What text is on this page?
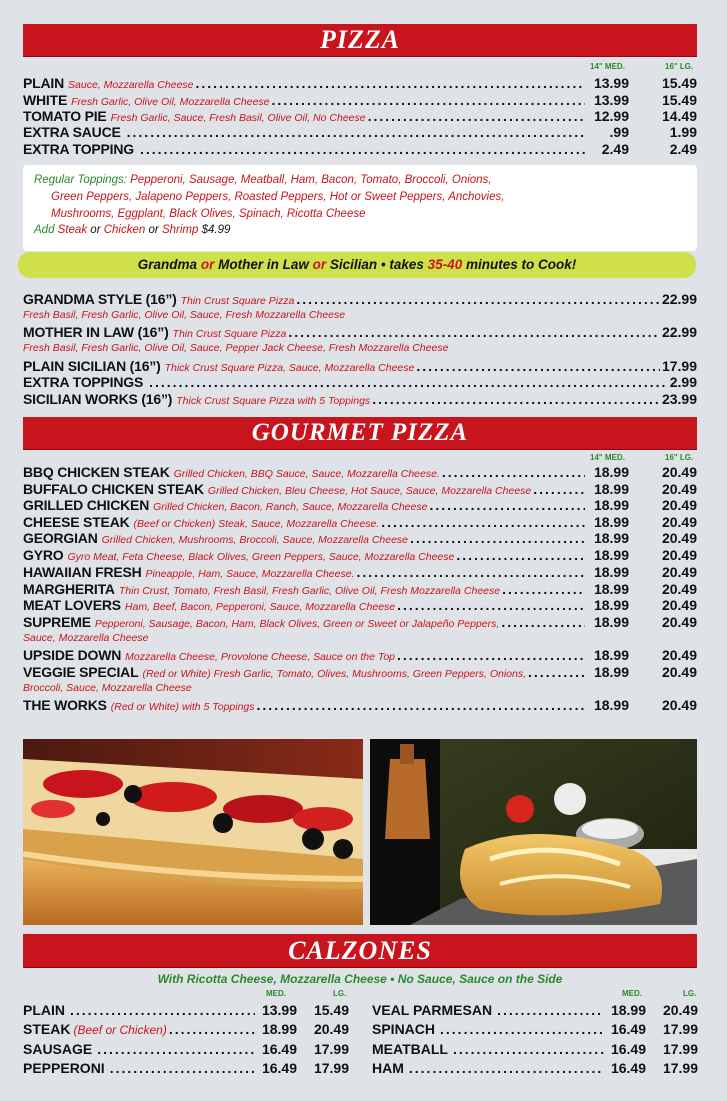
PIZZA
14" MED.	16" LG.
PLAIN Sauce, Mozzarella Cheese .....	13.99	15.49
WHITE Fresh Garlic, Olive Oil, Mozzarella Cheese .....	13.99	15.49
TOMATO PIE Fresh Garlic, Sauce, Fresh Basil, Olive Oil, No Cheese .....	12.99	14.49
EXTRA SAUCE .....	.99	1.99
EXTRA TOPPING .....	2.49	2.49
Regular Toppings: Pepperoni, Sausage, Meatball, Ham, Bacon, Tomato, Broccoli, Onions,
Green Peppers, Jalapeno Peppers, Roasted Peppers, Hot or Sweet Peppers, Anchovies,
Mushrooms, Eggplant, Black Olives, Spinach, Ricotta Cheese
Add Steak or Chicken or Shrimp $4.99
Grandma or Mother in Law or Sicilian • takes 35-40 minutes to Cook!
GRANDMA STYLE (16”) Thin Crust Square Pizza .....	22.99
Fresh Basil, Fresh Garlic, Olive Oil, Sauce, Fresh Mozzarella Cheese
MOTHER IN LAW (16”) Thin Crust Square Pizza .....	22.99
Fresh Basil, Fresh Garlic, Olive Oil, Sauce, Pepper Jack Cheese, Fresh Mozzarella Cheese
PLAIN SICILIAN (16”) Thick Crust Square Pizza, Sauce, Mozzarella Cheese .....	17.99
EXTRA TOPPINGS .....	2.99
SICILIAN WORKS (16”) Thick Crust Square Pizza with 5 Toppings .....	23.99
GOURMET PIZZA
14" MED.	16" LG.
BBQ CHICKEN STEAK Grilled Chicken, BBQ Sauce, Sauce, Mozzarella Cheese. .....	18.99	20.49
BUFFALO CHICKEN STEAK Grilled Chicken, Bleu Cheese, Hot Sauce, Sauce, Mozzarella Cheese .....	18.99	20.49
GRILLED CHICKEN Grilled Chicken, Bacon, Ranch, Sauce, Mozzarella Cheese .....	18.99	20.49
CHEESE STEAK (Beef or Chicken) Steak, Sauce, Mozzarella Cheese. .....	18.99	20.49
GEORGIAN Grilled Chicken, Mushrooms, Broccoli, Sauce, Mozzarella Cheese .....	18.99	20.49
GYRO Gyro Meat, Feta Cheese, Black Olives, Green Peppers, Sauce, Mozzarella Cheese .....	18.99	20.49
HAWAIIAN FRESH Pineapple, Ham, Sauce, Mozzarella Cheese. .....	18.99	20.49
MARGHERITA Thin Crust, Tomato, Fresh Basil, Fresh Garlic, Olive Oil, Fresh Mozzarella Cheese .....	18.99	20.49
MEAT LOVERS Ham, Beef, Bacon, Pepperoni, Sauce, Mozzarella Cheese .....	18.99	20.49
SUPREME Pepperoni, Sausage, Bacon, Ham, Black Olives, Green or Sweet or Jalapeño Peppers, .....	18.99	20.49
Sauce, Mozzarella Cheese
UPSIDE DOWN Mozzarella Cheese, Provolone Cheese, Sauce on the Top .....	18.99	20.49
VEGGIE SPECIAL (Red or White) Fresh Garlic, Tomato, Olives, Mushrooms, Green Peppers, Onions, .....	18.99	20.49
Broccoli, Sauce, Mozzarella Cheese
THE WORKS (Red or White) with 5 Toppings .....	18.99	20.49
CALZONES
With Ricotta Cheese, Mozzarella Cheese • No Sauce, Sauce on the Side
MED.	LG.	MED.	LG.
PLAIN .....	13.99	15.49
STEAK (Beef or Chicken) .....	18.99	20.49
SAUSAGE .....	16.49	17.99
PEPPERONI .....	16.49	17.99
VEAL PARMESAN .....	18.99	20.49
SPINACH .....	16.49	17.99
MEATBALL .....	16.49	17.99
HAM .....	16.49	17.99
